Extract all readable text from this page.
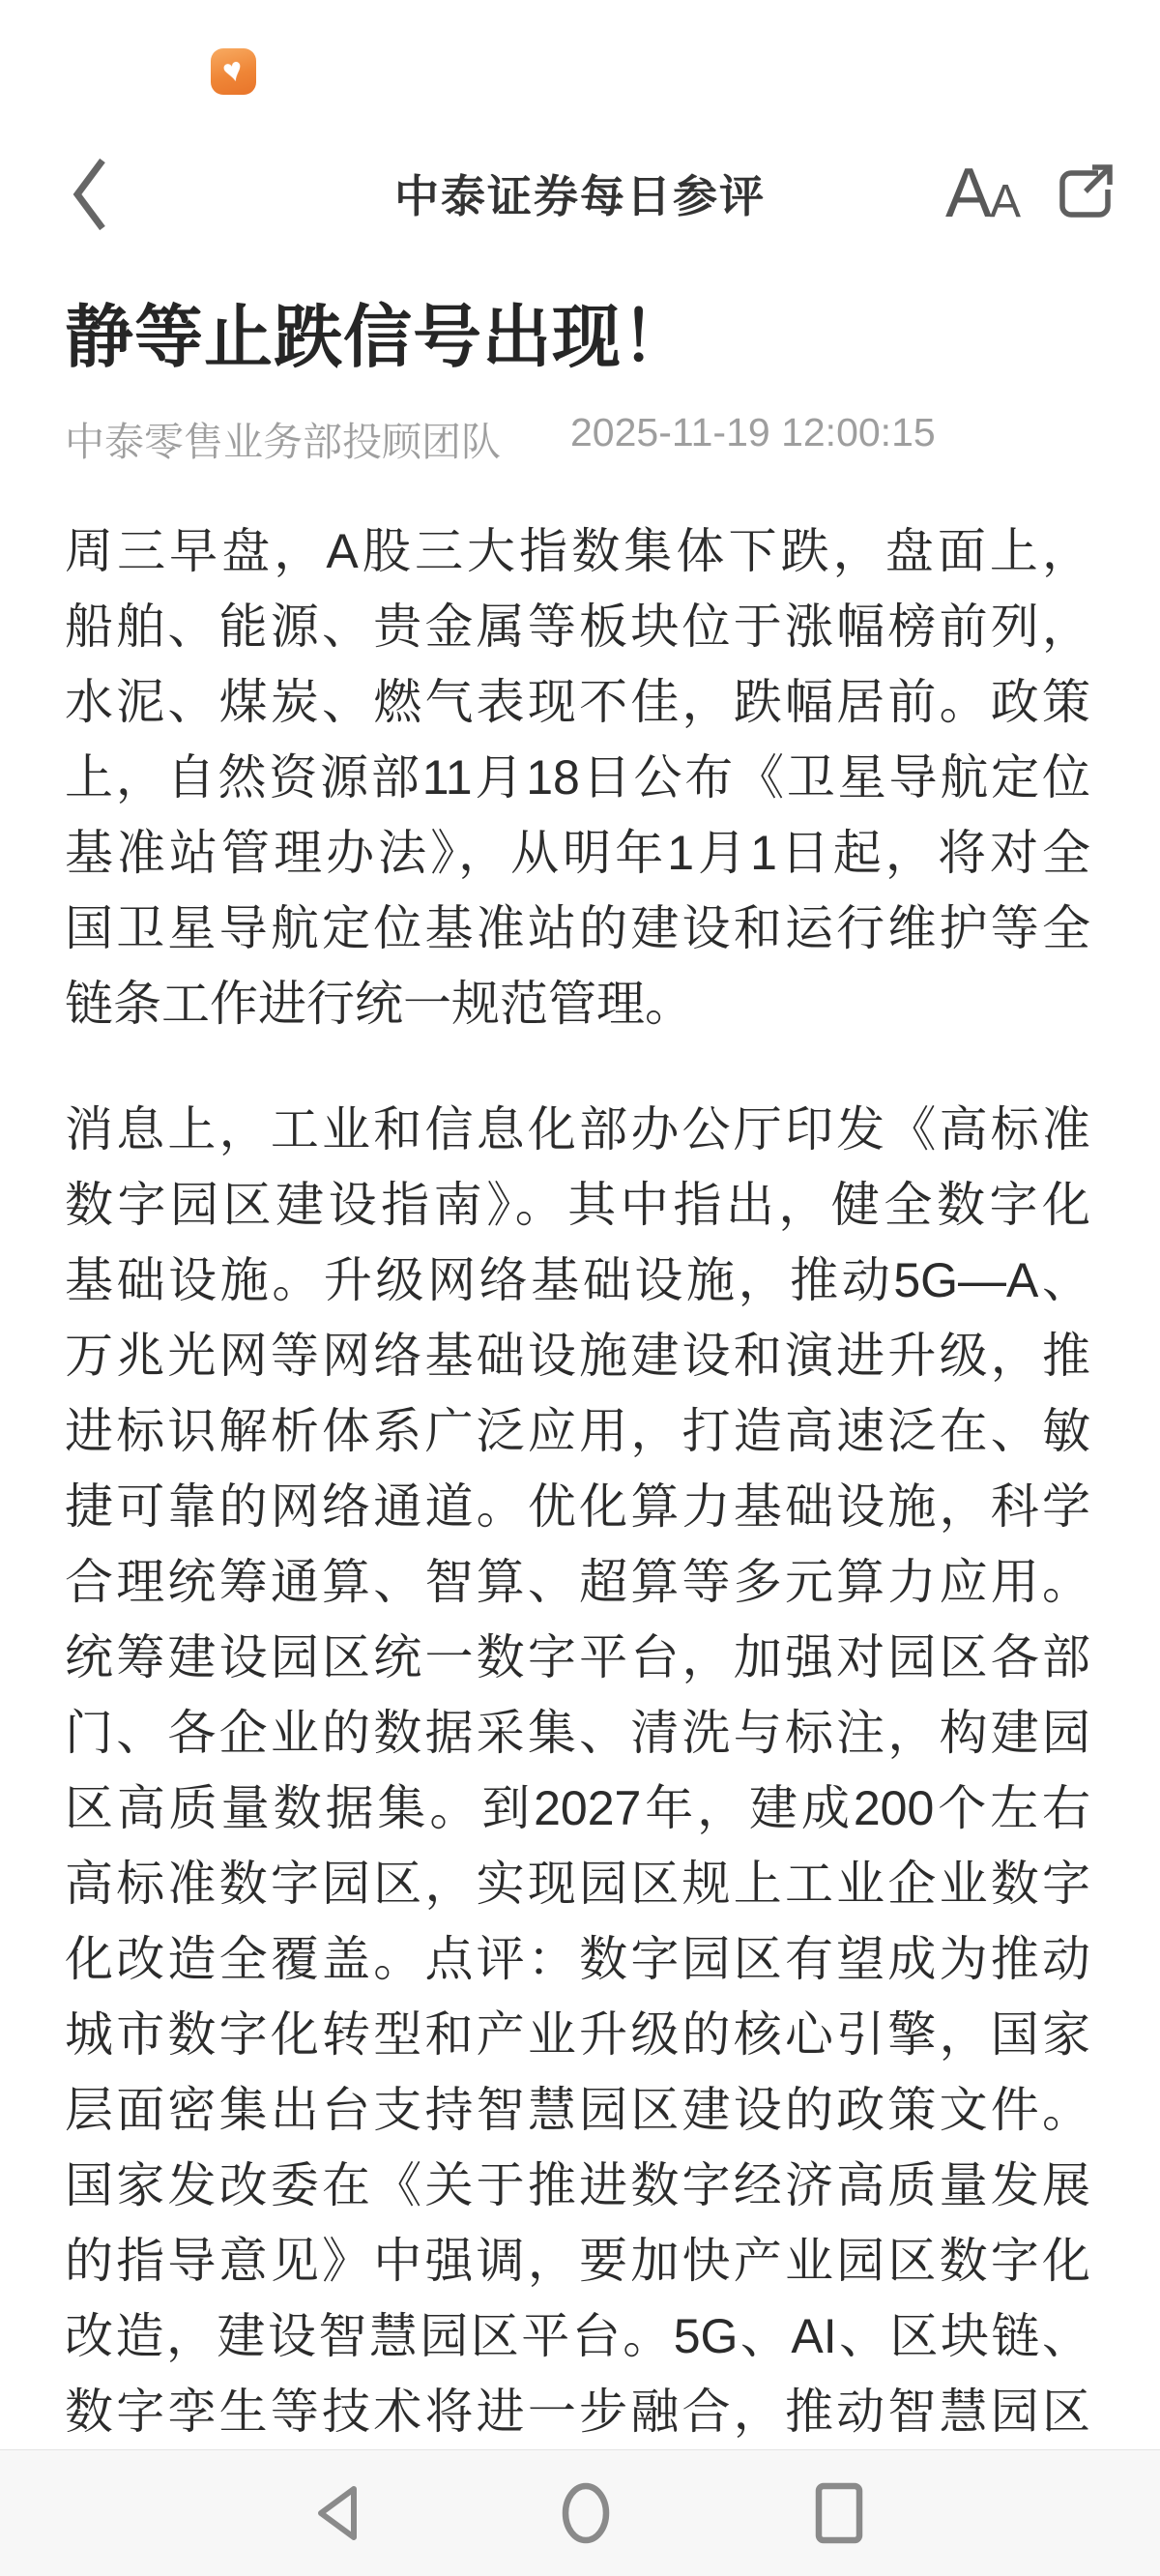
♥
中泰证券每日参评	A A
静等止跌信号出现！
中泰零售业务部投顾团队 2025-11-19 12:00:15
周三早盘，A股三大指数集体下跌，盘面上，
船舶、能源、贵金属等板块位于涨幅榜前列，
水泥、煤炭、燃气表现不佳，跌幅居前。政策
上，自然资源部11月18日公布《卫星导航定位
基准站管理办法》，从明年1月1日起，将对全
国卫星导航定位基准站的建设和运行维护等全
链条工作进行统一规范管理。
消息上，工业和信息化部办公厅印发《高标准
数字园区建设指南》。其中指出，健全数字化
基础设施。升级网络基础设施，推动5G—A、
万兆光网等网络基础设施建设和演进升级，推
进标识解析体系广泛应用，打造高速泛在、敏
捷可靠的网络通道。优化算力基础设施，科学
合理统筹通算、智算、超算等多元算力应用。
统筹建设园区统一数字平台，加强对园区各部
门、各企业的数据采集、清洗与标注，构建园
区高质量数据集。到2027年，建成200个左右
高标准数字园区，实现园区规上工业企业数字
化改造全覆盖。点评：数字园区有望成为推动
城市数字化转型和产业升级的核心引擎，国家
层面密集出台支持智慧园区建设的政策文件。
国家发改委在《关于推进数字经济高质量发展
的指导意见》中强调，要加快产业园区数字化
改造，建设智慧园区平台。5G、AI、区块链、
数字孪生等技术将进一步融合，推动智慧园区
